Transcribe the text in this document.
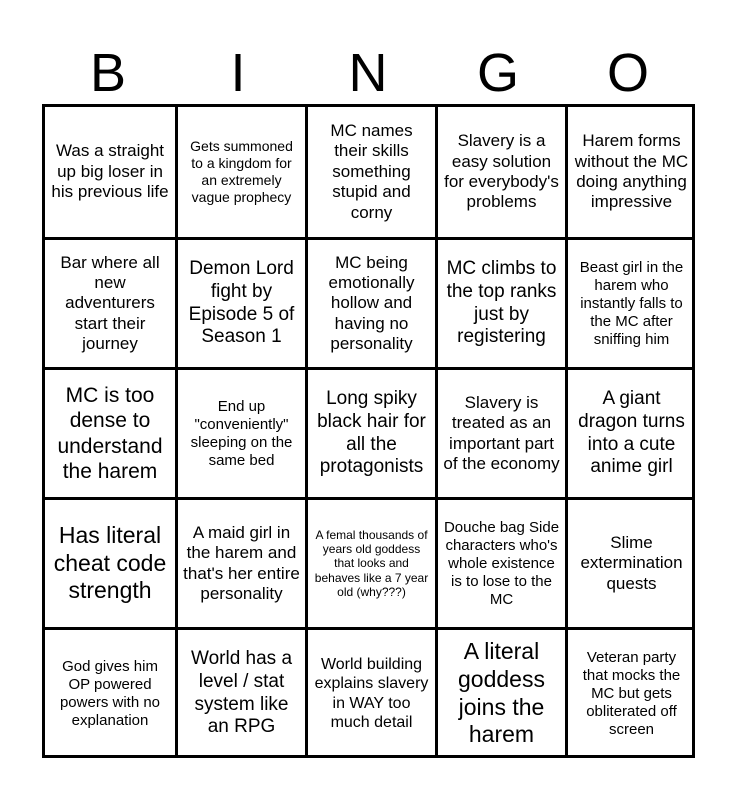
B	I	N	G	O
Was a straight up big loser in his previous life
Gets summoned to a kingdom for an extremely vague prophecy
MC names their skills something stupid and corny
Slavery is a easy solution for everybody's problems
Harem forms without the MC doing anything impressive
Bar where all new adventurers start their journey
Demon Lord fight by Episode 5 of Season 1
MC being emotionally hollow and having no personality
MC climbs to the top ranks just by registering
Beast girl in the harem who instantly falls to the MC after sniffing him
MC is too dense to understand the harem
End up "conveniently" sleeping on the same bed
Long spiky black hair for all the protagonists
Slavery is treated as an important part of the economy
A giant dragon turns into a cute anime girl
Has literal cheat code strength
A maid girl in the harem and that's her entire personality
A femal thousands of years old goddess that looks and behaves like a 7 year old (why???)
Douche bag Side characters who's whole existence is to lose to the MC
Slime extermination quests
God gives him OP powered powers with no explanation
World has a level / stat system like an RPG
World building explains slavery in WAY too much detail
A literal goddess joins the harem
Veteran party that mocks the MC but gets obliterated off screen
